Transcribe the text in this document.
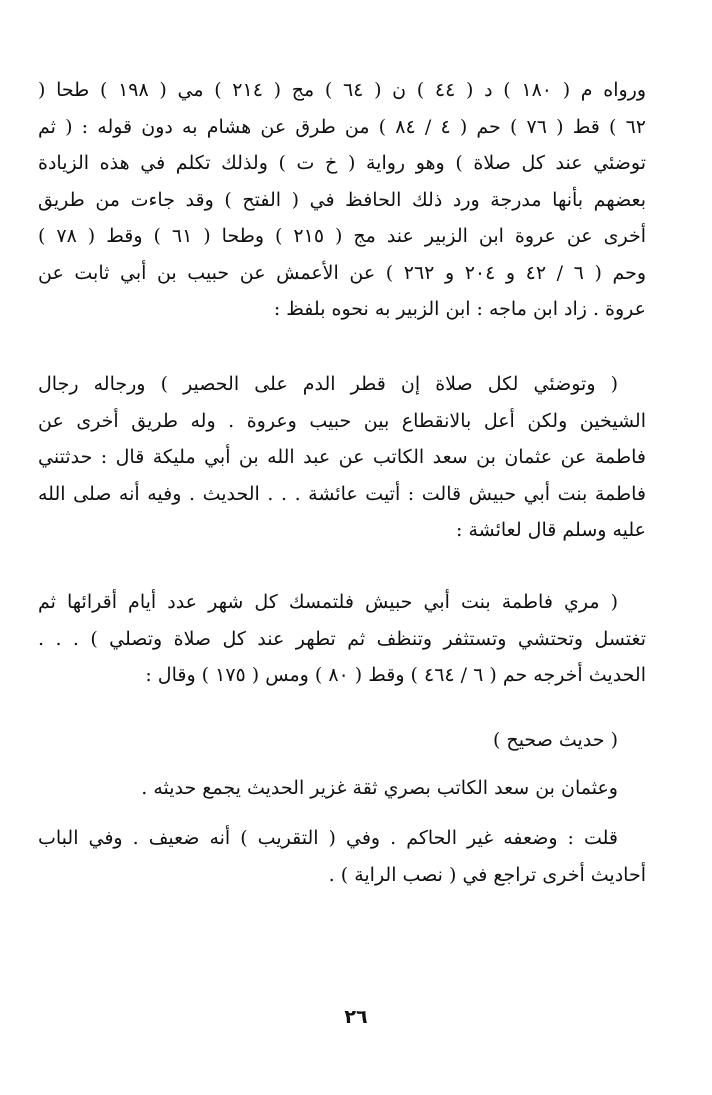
ورواه م ( ١٨٠ ) د ( ٤٤ ) ن ( ٦٤ ) مج ( ٢١٤ ) مي ( ١٩٨ ) طحا (
٦٢ ) قط ( ٧٦ ) حم ( ٤ / ٨٤ ) من طرق عن هشام به دون قوله : ( ثم
توضئي عند كل صلاة ) وهو رواية ( خ ت ) ولذلك تكلم في هذه الزيادة
بعضهم بأنها مدرجة ورد ذلك الحافظ في ( الفتح ) وقد جاءت من طريق
أخرى عن عروة ابن الزبير عند مج ( ٢١٥ ) وطحا ( ٦١ ) وقط ( ٧٨ )
وحم ( ٦ / ٤٢ و ٢٠٤ و ٢٦٢ ) عن الأعمش عن حبيب بن أبي ثابت عن
عروة . زاد ابن ماجه : ابن الزبير به نحوه بلفظ :
( وتوضئي لكل صلاة إن قطر الدم على الحصير ) ورجاله رجال
الشيخين ولكن أعل بالانقطاع بين حبيب وعروة . وله طريق أخرى عن
فاطمة عن عثمان بن سعد الكاتب عن عبد الله بن أبي مليكة قال : حدثتني
فاطمة بنت أبي حبيش قالت : أتيت عائشة . . . الحديث . وفيه أنه صلى الله
عليه وسلم قال لعائشة :
( مري فاطمة بنت أبي حبيش فلتمسك كل شهر عدد أيام أقرائها ثم
تغتسل وتحتشي وتستثفر وتنظف ثم تطهر عند كل صلاة وتصلي ) . . .
الحديث أخرجه حم ( ٦ / ٤٦٤ ) وقط ( ٨٠ ) ومس ( ١٧٥ ) وقال :
( حديث صحيح )
وعثمان بن سعد الكاتب بصري ثقة غزير الحديث يجمع حديثه .
قلت : وضعفه غير الحاكم . وفي ( التقريب ) أنه ضعيف . وفي الباب
أحاديث أخرى تراجع في ( نصب الراية ) .
٢٦
